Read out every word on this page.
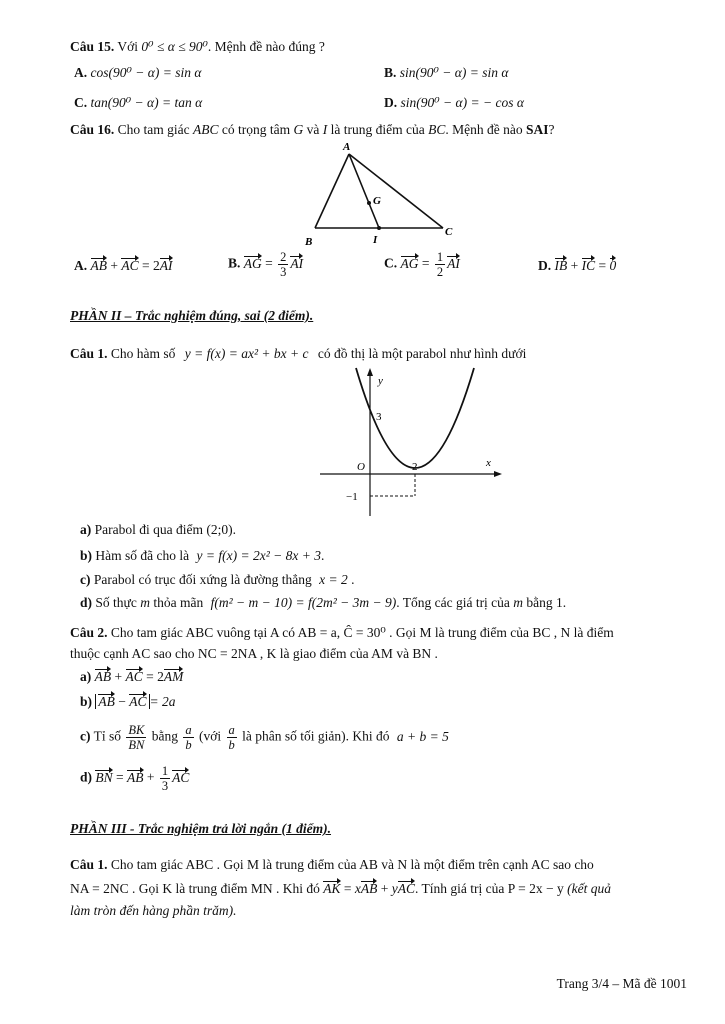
Câu 15. Với 0⁰ ≤ α ≤ 90⁰. Mệnh đề nào đúng ?
A. cos(90⁰ − α) = sin α	B. sin(90⁰ − α) = sin α
C. tan(90⁰ − α) = tan α	D. sin(90⁰ − α) = − cos α
Câu 16. Cho tam giác ABC có trọng tâm G và I là trung điểm của BC. Mệnh đề nào SAI?
A
G
B	I
C
A. AB + AC = 2AI	B. AG = $\frac{2}{3}$ AI	C. AG = $\frac{1}{2}$ AI	D. IB + IC = 0
PHẦN II – Trắc nghiệm đúng, sai (2 điểm).
Câu 1. Cho hàm số y = f(x) = ax² + bx + c có đồ thị là một parabol như hình dưới
y
x
O
3
2
−1
a) Parabol đi qua điểm (2;0).
b) Hàm số đã cho là y = f(x) = 2x² − 8x + 3.
c) Parabol có trục đối xứng là đường thẳng x = 2 .
d) Số thực m thỏa mãn f(m² − m − 10) = f(2m² − 3m − 9). Tổng các giá trị của m bằng 1.
Câu 2. Cho tam giác ABC vuông tại A có AB = a, Ĉ = 30⁰ . Gọi M là trung điểm của BC , N là điểm
thuộc cạnh AC sao cho NC = 2NA , K là giao điểm của AM và BN .
a) AB + AC = 2AM
b) AB − AC = 2a
c) Tỉ số $\frac{BK}{BN}$ bằng $\frac{a}{b}$ (với $\frac{a}{b}$ là phân số tối giản). Khi đó a + b = 5
d) BN = AB + $\frac{1}{3}$ AC
PHẦN III - Trắc nghiệm trả lời ngắn (1 điểm).
Câu 1. Cho tam giác ABC . Gọi M là trung điểm của AB và N là một điểm trên cạnh AC sao cho
NA = 2NC . Gọi K là trung điểm MN . Khi đó AK = xAB + yAC. Tính giá trị của P = 2x − y (kết quả
làm tròn đến hàng phần trăm).
Trang 3/4 – Mã đề 1001
